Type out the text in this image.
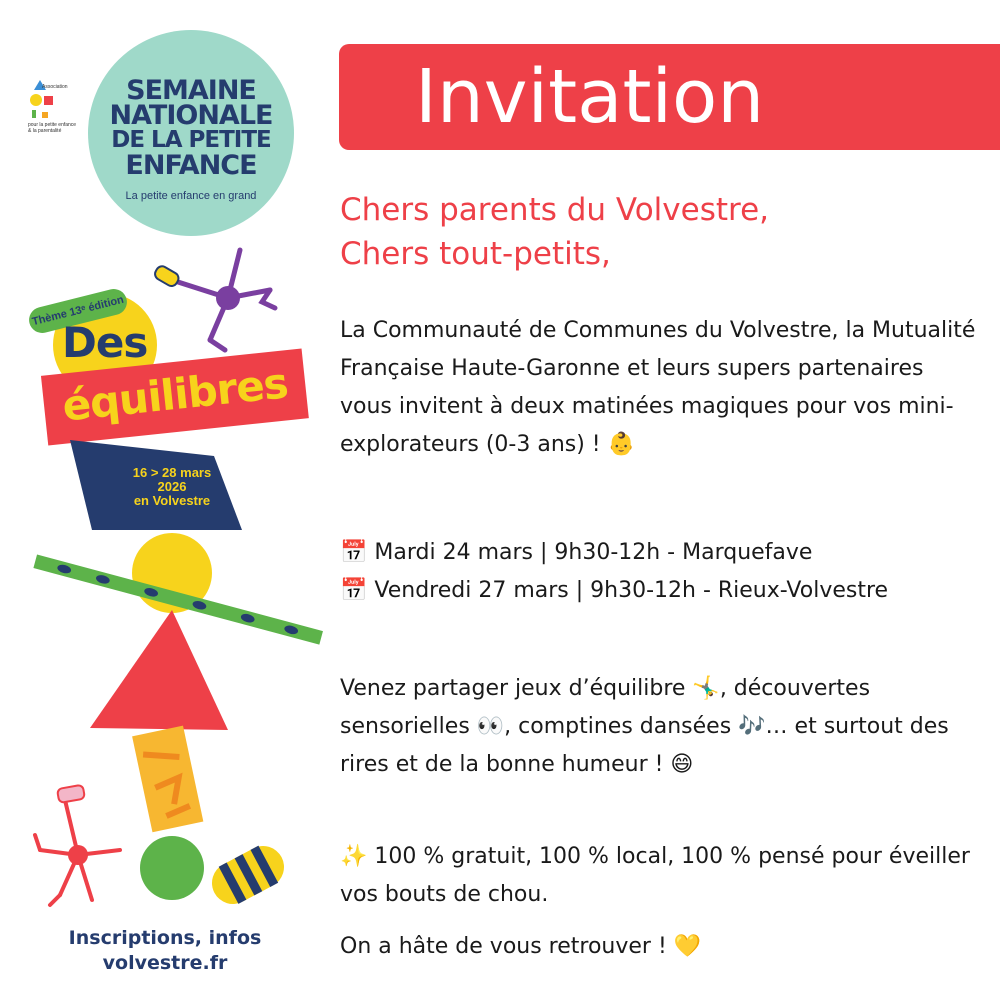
Association
pour la petite enfance & la parentalité
SEMAINE
NATIONALE
DE LA PETITE
ENFANCE
La petite enfance en grand
Thème 13ᵉ édition
Des
équilibres
16 > 28 mars
2026
en Volvestre
Inscriptions, infos
volvestre.fr
Invitation
Chers parents du Volvestre,
Chers tout-petits,
La Communauté de Communes du Volvestre, la Mutualité Française Haute-Garonne et leurs supers partenaires vous invitent à deux matinées magiques pour vos mini-explorateurs (0-3 ans) ! 👶
📅 Mardi 24 mars | 9h30-12h - Marquefave
📅 Vendredi 27 mars | 9h30-12h - Rieux-Volvestre
Venez partager jeux d’équilibre 🤸‍♂️, découvertes sensorielles 👀, comptines dansées 🎶… et surtout des rires et de la bonne humeur ! 😄
✨ 100 % gratuit, 100 % local, 100 % pensé pour éveiller vos bouts de chou.
On a hâte de vous retrouver ! 💛
